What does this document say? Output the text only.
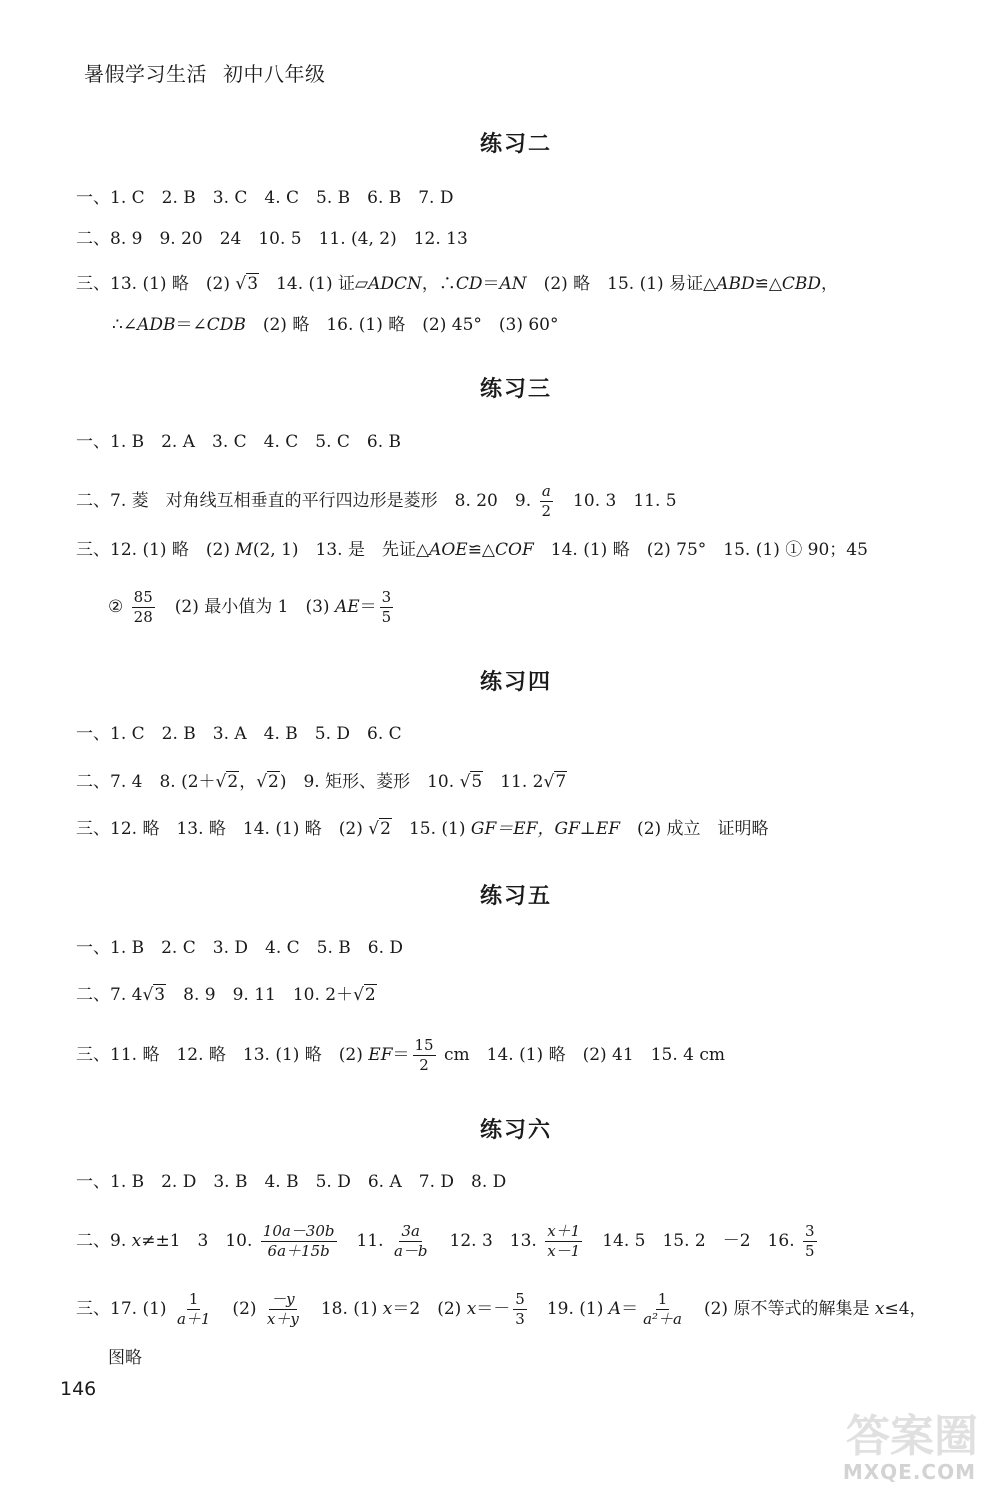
暑假学习生活 初中八年级
练习二
一、1. C　2. B　3. C　4. C　5. B　6. B　7. D
二、8. 9　9. 20　24　10. 5　11. (4, 2)　12. 13
三、13. (1) 略　(2) √3　14. (1) 证▱ADCN，∴CD＝AN　(2) 略　15. (1) 易证△ABD≌△CBD，
∴∠ADB＝∠CDB　(2) 略　16. (1) 略　(2) 45°　(3) 60°
练习三
一、1. B　2. A　3. C　4. C　5. C　6. B
二、7. 菱　对角线互相垂直的平行四边形是菱形　8. 20　9. $\frac{a}{2}$ 　10. 3　11. 5
三、12. (1) 略　(2) M(2, 1)　13. 是　先证△AOE≌△COF　14. (1) 略　(2) 75°　15. (1) ① 90；45
② $\frac{85}{28}$ 　(2) 最小值为 1　(3) $AE= \frac{3}{5}$
练习四
一、1. C　2. B　3. A　4. B　5. D　6. C
二、7. 4　8. (2＋√2，√2)　9. 矩形、菱形　10. √5　11. 2√7
三、12. 略　13. 略　14. (1) 略　(2) √2　15. (1) GF＝EF，GF⊥EF　(2) 成立　证明略
练习五
一、1. B　2. C　3. D　4. C　5. B　6. D
二、7. 4√3　8. 9　9. 11　10. 2＋√2
三、11. 略　12. 略　13. (1) 略　(2) $EF= \frac{15}{2}$ cm　14. (1) 略　(2) 41　15. 4 cm
练习六
一、1. B　2. D　3. B　4. B　5. D　6. A　7. D　8. D
二、9. x≠±1　3　10. $\frac{10a-30b}{6a+15b}$ 　11. $\frac{3a}{a-b}$ 　12. 3　13. $\frac{x+1}{x-1}$ 　14. 5　15. 2　－2　16. $\frac{3}{5}$
三、17. $(1) \frac{1}{a+1}$ 　$(2) \frac{-y}{x+y}$ 　18. (1) x＝2　(2) $x=- \frac{5}{3}$ 　19. (1) $A= \frac{1}{\text{a²＋a}}$ 　(2) 原不等式的解集是 x≤4，
图略
146
答案圈
MXQE.COM
